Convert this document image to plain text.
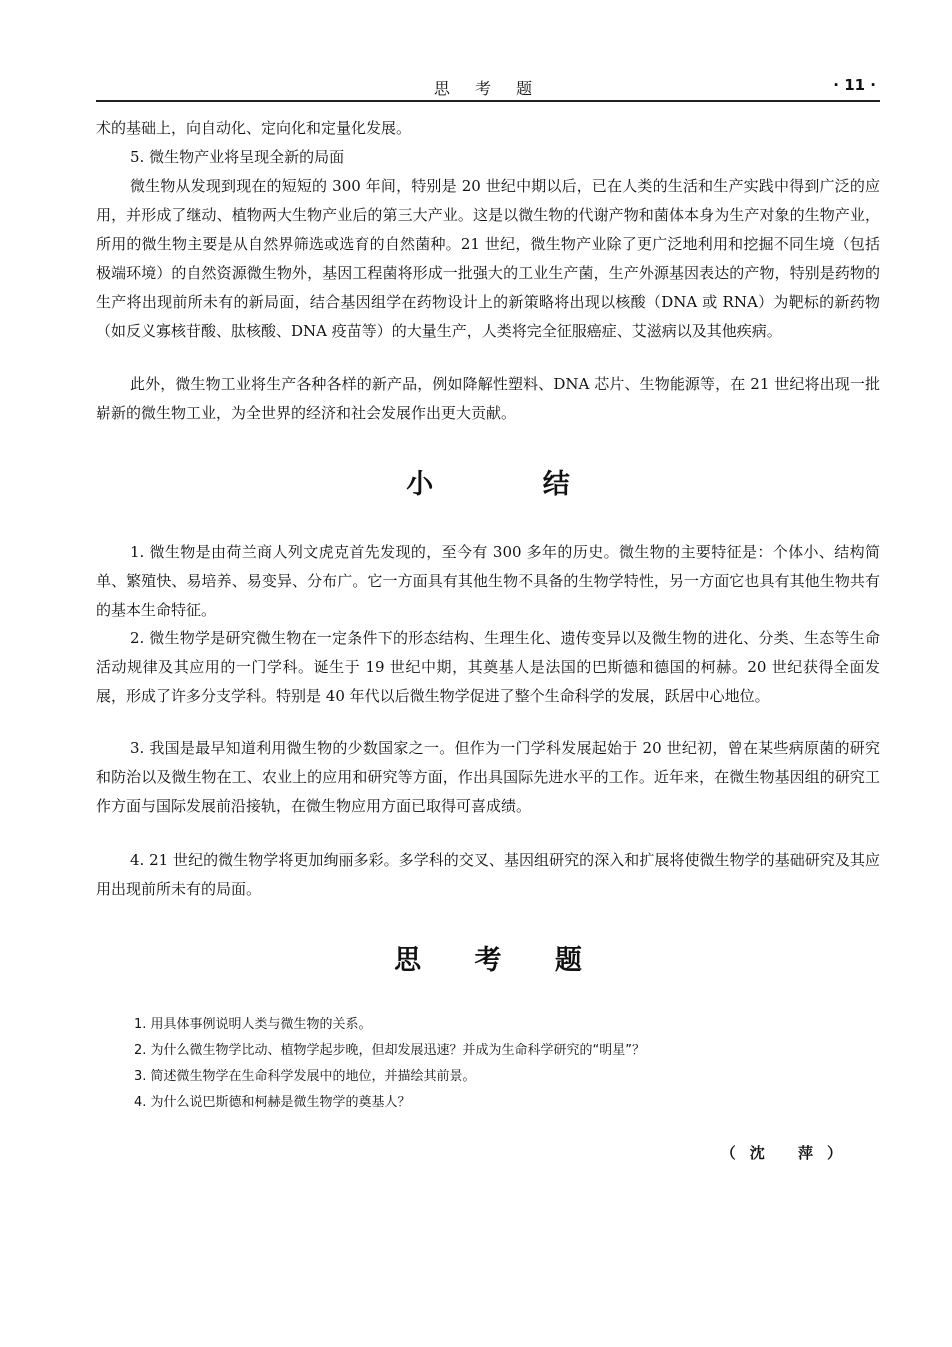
思 考 题	· 11 ·

术的基础上，向自动化、定向化和定量化发展。

5. 微生物产业将呈现全新的局面

微生物从发现到现在的短短的 300 年间，特别是 20 世纪中期以后，已在人类的生活和生产实践中得到广泛的应用，并形成了继动、植物两大生物产业后的第三大产业。这是以微生物的代谢产物和菌体本身为生产对象的生物产业，所用的微生物主要是从自然界筛选或选育的自然菌种。21 世纪，微生物产业除了更广泛地利用和挖掘不同生境（包括极端环境）的自然资源微生物外，基因工程菌将形成一批强大的工业生产菌，生产外源基因表达的产物，特别是药物的生产将出现前所未有的新局面，结合基因组学在药物设计上的新策略将出现以核酸（DNA 或 RNA）为靶标的新药物（如反义寡核苷酸、肽核酸、DNA 疫苗等）的大量生产，人类将完全征服癌症、艾滋病以及其他疾病。

此外，微生物工业将生产各种各样的新产品，例如降解性塑料、DNA 芯片、生物能源等，在 21 世纪将出现一批崭新的微生物工业，为全世界的经济和社会发展作出更大贡献。

小 结

1. 微生物是由荷兰商人列文虎克首先发现的，至今有 300 多年的历史。微生物的主要特征是：个体小、结构简单、繁殖快、易培养、易变异、分布广。它一方面具有其他生物不具备的生物学特性，另一方面它也具有其他生物共有的基本生命特征。

2. 微生物学是研究微生物在一定条件下的形态结构、生理生化、遗传变异以及微生物的进化、分类、生态等生命活动规律及其应用的一门学科。诞生于 19 世纪中期，其奠基人是法国的巴斯德和德国的柯赫。20 世纪获得全面发展，形成了许多分支学科。特别是 40 年代以后微生物学促进了整个生命科学的发展，跃居中心地位。

3. 我国是最早知道利用微生物的少数国家之一。但作为一门学科发展起始于 20 世纪初，曾在某些病原菌的研究和防治以及微生物在工、农业上的应用和研究等方面，作出具国际先进水平的工作。近年来，在微生物基因组的研究工作方面与国际发展前沿接轨，在微生物应用方面已取得可喜成绩。

4. 21 世纪的微生物学将更加绚丽多彩。多学科的交叉、基因组研究的深入和扩展将使微生物学的基础研究及其应用出现前所未有的局面。

思 考 题
1. 用具体事例说明人类与微生物的关系。
2. 为什么微生物学比动、植物学起步晚，但却发展迅速？并成为生命科学研究的“明星”？
3. 简述微生物学在生命科学发展中的地位，并描绘其前景。
4. 为什么说巴斯德和柯赫是微生物学的奠基人？
（沈 萍）
